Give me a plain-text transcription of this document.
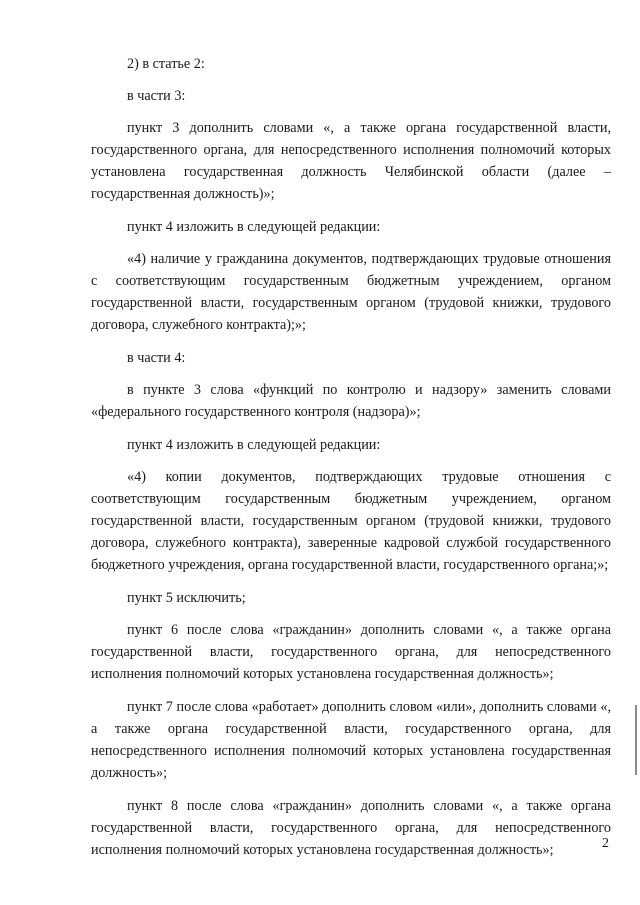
2) в статье 2:

в части 3:

пункт 3 дополнить словами «, а также органа государственной власти, государственного органа, для непосредственного исполнения полномочий которых установлена государственная должность Челябинской области (далее – государственная должность)»;

пункт 4 изложить в следующей редакции:

«4) наличие у гражданина документов, подтверждающих трудовые отношения с соответствующим государственным бюджетным учреждением, органом государственной власти, государственным органом (трудовой книжки, трудового договора, служебного контракта);»;

в части 4:

в пункте 3 слова «функций по контролю и надзору» заменить словами «федерального государственного контроля (надзора)»;

пункт 4 изложить в следующей редакции:

«4) копии документов, подтверждающих трудовые отношения с соответствующим государственным бюджетным учреждением, органом государственной власти, государственным органом (трудовой книжки, трудового договора, служебного контракта), заверенные кадровой службой государственного бюджетного учреждения, органа государственной власти, государственного органа;»;

пункт 5 исключить;

пункт 6 после слова «гражданин» дополнить словами «, а также органа государственной власти, государственного органа, для непосредственного исполнения полномочий которых установлена государственная должность»;

пункт 7 после слова «работает» дополнить словом «или», дополнить словами «, а также органа государственной власти, государственного органа, для непосредственного исполнения полномочий которых установлена государственная должность»;

пункт 8 после слова «гражданин» дополнить словами «, а также органа государственной власти, государственного органа, для непосредственного исполнения полномочий которых установлена государственная должность»;	2
